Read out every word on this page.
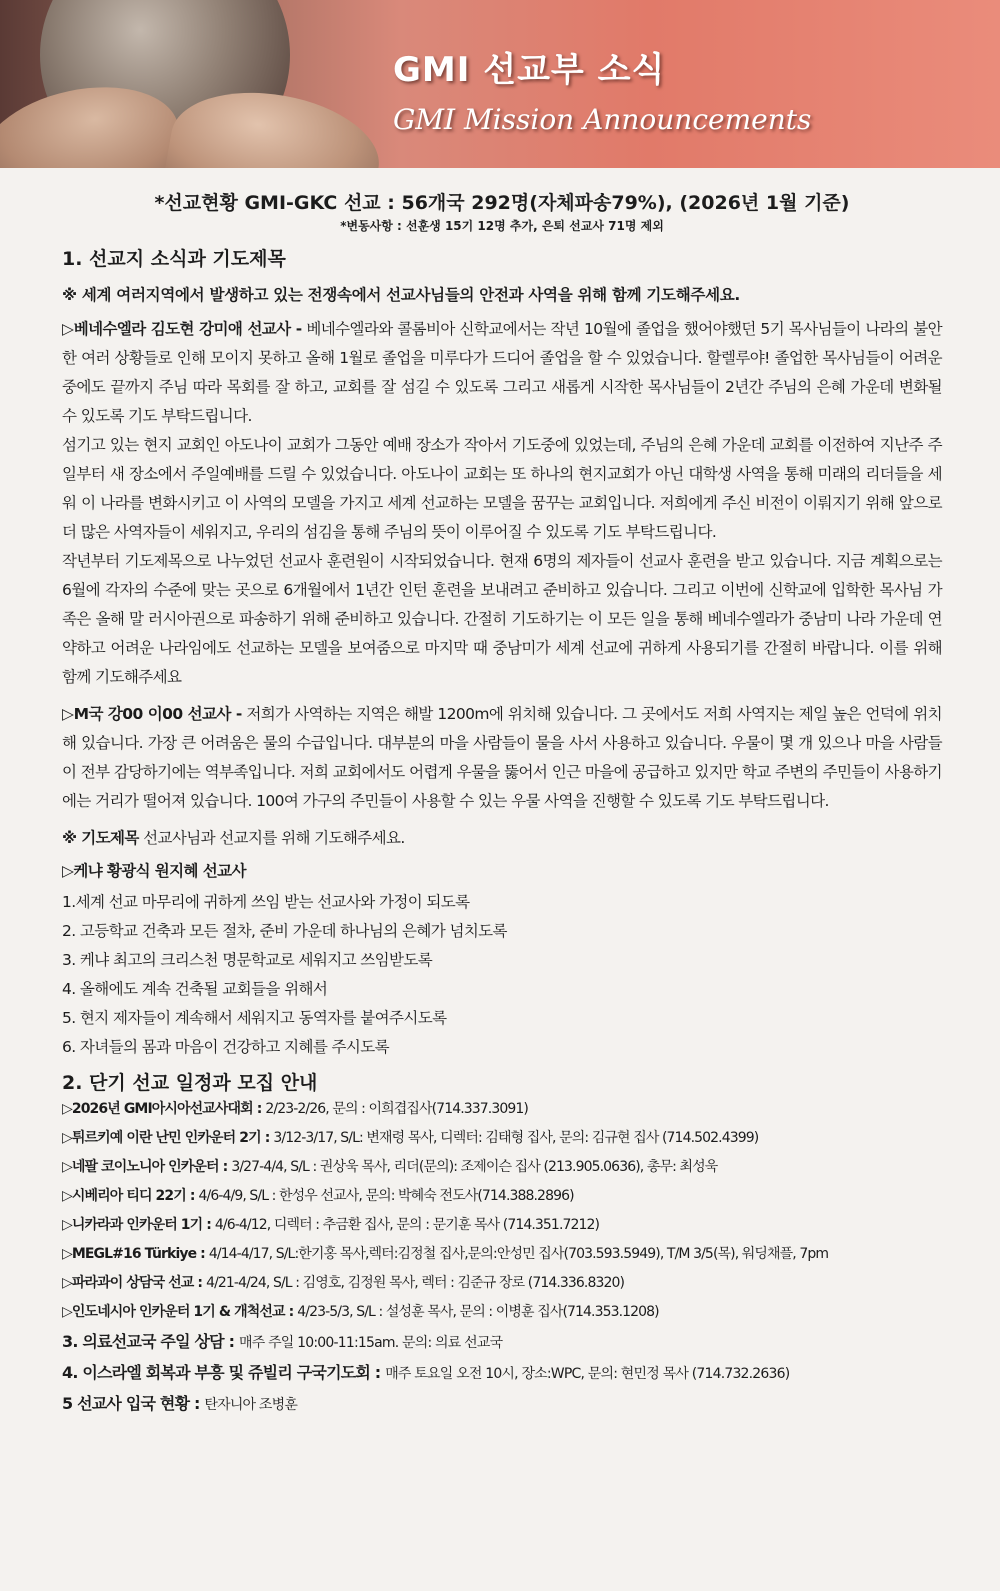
GMI 선교부 소식
GMI Mission Announcements
*선교현황 GMI-GKC 선교 : 56개국 292명(자체파송79%), (2026년 1월 기준)
*변동사항 : 선훈생 15기 12명 추가, 은퇴 선교사 71명 제외
1. 선교지 소식과 기도제목
※ 세계 여러지역에서 발생하고 있는 전쟁속에서 선교사님들의 안전과 사역을 위해 함께 기도해주세요.

▷베네수엘라 김도현 강미애 선교사 - 베네수엘라와 콜롬비아 신학교에서는 작년 10월에 졸업을 했어야했던 5기 목사님들이 나라의 불안한 여러 상황들로 인해 모이지 못하고 올해 1월로 졸업을 미루다가 드디어 졸업을 할 수 있었습니다. 할렐루야! 졸업한 목사님들이 어려운 중에도 끝까지 주님 따라 목회를 잘 하고, 교회를 잘 섬길 수 있도록 그리고 새롭게 시작한 목사님들이 2년간 주님의 은혜 가운데 변화될 수 있도록 기도 부탁드립니다.
섬기고 있는 현지 교회인 아도나이 교회가 그동안 예배 장소가 작아서 기도중에 있었는데, 주님의 은혜 가운데 교회를 이전하여 지난주 주일부터 새 장소에서 주일예배를 드릴 수 있었습니다. 아도나이 교회는 또 하나의 현지교회가 아닌 대학생 사역을 통해 미래의 리더들을 세워 이 나라를 변화시키고 이 사역의 모델을 가지고 세계 선교하는 모델을 꿈꾸는 교회입니다. 저희에게 주신 비전이 이뤄지기 위해 앞으로 더 많은 사역자들이 세워지고, 우리의 섬김을 통해 주님의 뜻이 이루어질 수 있도록 기도 부탁드립니다.
작년부터 기도제목으로 나누었던 선교사 훈련원이 시작되었습니다. 현재 6명의 제자들이 선교사 훈련을 받고 있습니다. 지금 계획으로는 6월에 각자의 수준에 맞는 곳으로 6개월에서 1년간 인턴 훈련을 보내려고 준비하고 있습니다. 그리고 이번에 신학교에 입학한 목사님 가족은 올해 말 러시아권으로 파송하기 위해 준비하고 있습니다. 간절히 기도하기는 이 모든 일을 통해 베네수엘라가 중남미 나라 가운데 연약하고 어려운 나라임에도 선교하는 모델을 보여줌으로 마지막 때 중남미가 세계 선교에 귀하게 사용되기를 간절히 바랍니다. 이를 위해 함께 기도해주세요

▷M국 강00 이00 선교사 - 저희가 사역하는 지역은 해발 1200m에 위치해 있습니다. 그 곳에서도 저희 사역지는 제일 높은 언덕에 위치해 있습니다. 가장 큰 어려움은 물의 수급입니다. 대부분의 마을 사람들이 물을 사서 사용하고 있습니다. 우물이 몇 개 있으나 마을 사람들이 전부 감당하기에는 역부족입니다. 저희 교회에서도 어렵게 우물을 뚫어서 인근 마을에 공급하고 있지만 학교 주변의 주민들이 사용하기에는 거리가 떨어져 있습니다. 100여 가구의 주민들이 사용할 수 있는 우물 사역을 진행할 수 있도록 기도 부탁드립니다.

※ 기도제목 선교사님과 선교지를 위해 기도해주세요.

▷케냐 황광식 원지혜 선교사

1.세계 선교 마무리에 귀하게 쓰임 받는 선교사와 가정이 되도록
2. 고등학교 건축과 모든 절차, 준비 가운데 하나님의 은혜가 넘치도록
3. 케냐 최고의 크리스천 명문학교로 세워지고 쓰임받도록
4. 올해에도 계속 건축될 교회들을 위해서
5. 현지 제자들이 계속해서 세워지고 동역자를 붙여주시도록
6. 자녀들의 몸과 마음이 건강하고 지혜를 주시도록
2. 단기 선교 일정과 모집 안내
▷2026년 GMI아시아선교사대회 : 2/23-2/26, 문의 : 이희겹집사(714.337.3091)
▷튀르키예 이란 난민 인카운터 2기 : 3/12-3/17, S/L: 변재령 목사, 디렉터: 김태형 집사, 문의: 김규현 집사 (714.502.4399)
▷네팔 코이노니아 인카운터 : 3/27-4/4, S/L : 권상욱 목사, 리더(문의): 조제이슨 집사 (213.905.0636), 총무: 최성욱
▷시베리아 티디 22기 : 4/6-4/9, S/L : 한성우 선교사, 문의: 박혜숙 전도사(714.388.2896)
▷니카라과 인카운터 1기 : 4/6-4/12, 디렉터 : 추금환 집사, 문의 : 문기훈 목사 (714.351.7212)
▷MEGL#16 Türkiye : 4/14-4/17, S/L:한기홍 목사,렉터:김정철 집사,문의:안성민 집사(703.593.5949), T/M 3/5(목), 워딩채플, 7pm
▷파라과이 상담국 선교 : 4/21-4/24, S/L : 김영호, 김정원 목사, 렉터 : 김준규 장로 (714.336.8320)
▷인도네시아 인카운터 1기 & 개척선교 : 4/23-5/3, S/L : 설성훈 목사, 문의 : 이병훈 집사(714.353.1208)

3. 의료선교국 주일 상담 : 매주 주일 10:00-11:15am. 문의: 의료 선교국

4. 이스라엘 회복과 부흥 및 쥬빌리 구국기도회 : 매주 토요일 오전 10시, 장소:WPC, 문의: 현민정 목사 (714.732.2636)

5 선교사 입국 현황 : 탄자니아 조병훈
